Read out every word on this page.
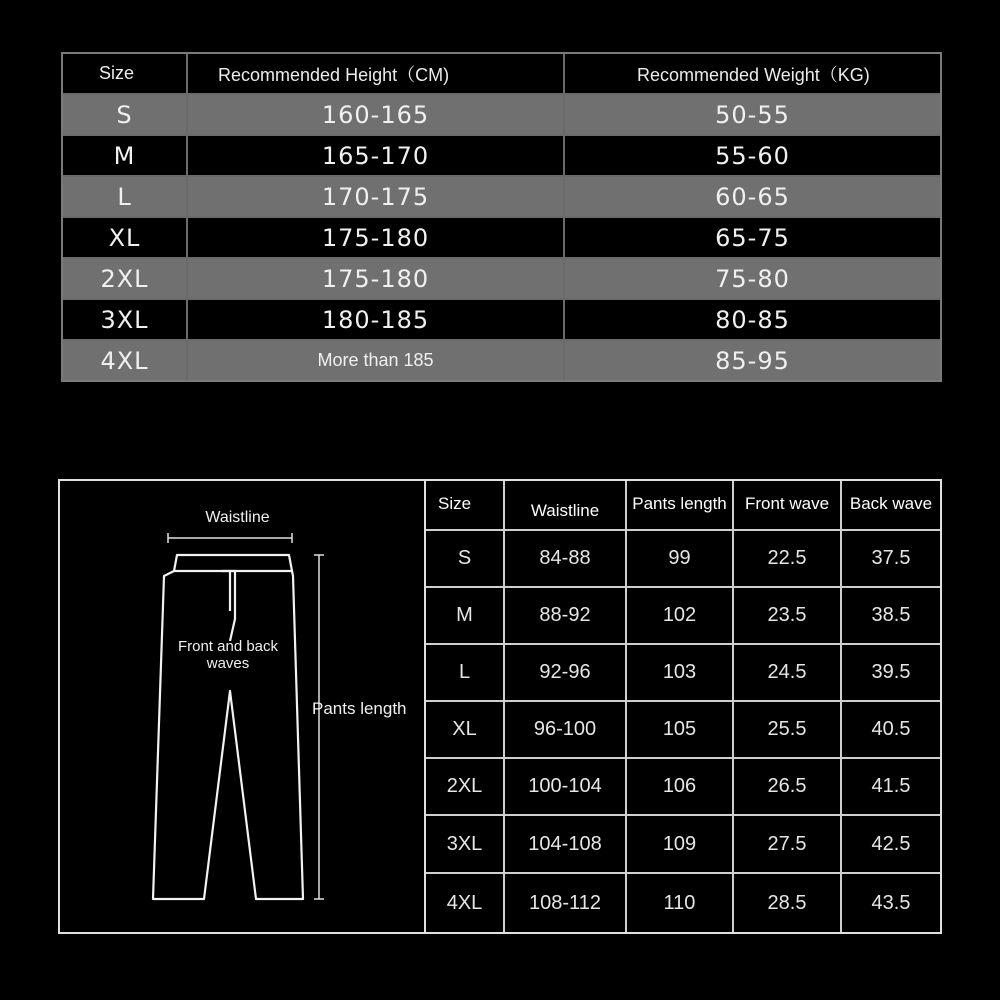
Size	Recommended Height（CM)	Recommended Weight（KG)
S	160-165	50-55
M	165-170	55-60
L	170-175	60-65
XL	175-180	65-75
2XL	175-180	75-80
3XL	180-185	80-85
4XL	More than 185	85-95
Waistline
Front and back waves
Pants length
Size	Waistline	Pants length	Front wave	Back wave
S	84-88	99	22.5	37.5
M	88-92	102	23.5	38.5
L	92-96	103	24.5	39.5
XL	96-100	105	25.5	40.5
2XL	100-104	106	26.5	41.5
3XL	104-108	109	27.5	42.5
4XL	108-112	110	28.5	43.5
